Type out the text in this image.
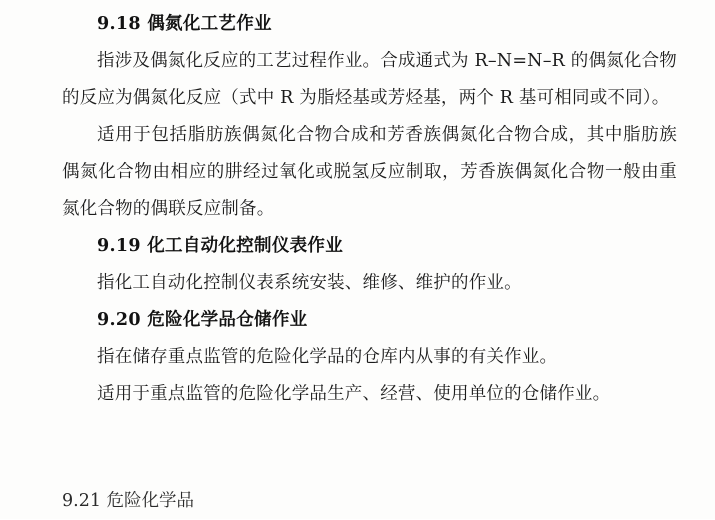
9.18 偶氮化工艺作业

指涉及偶氮化反应的工艺过程作业。合成通式为 R–N=N–R 的偶氮化合物的反应为偶氮化反应（式中 R 为脂烃基或芳烃基，两个 R 基可相同或不同）。

适用于包括脂肪族偶氮化合物合成和芳香族偶氮化合物合成，其中脂肪族偶氮化合物由相应的肼经过氧化或脱氢反应制取，芳香族偶氮化合物一般由重氮化合物的偶联反应制备。

9.19 化工自动化控制仪表作业

指化工自动化控制仪表系统安装、维修、维护的作业。

9.20 危险化学品仓储作业

指在储存重点监管的危险化学品的仓库内从事的有关作业。

适用于重点监管的危险化学品生产、经营、使用单位的仓储作业。

9.21 危险化学品
